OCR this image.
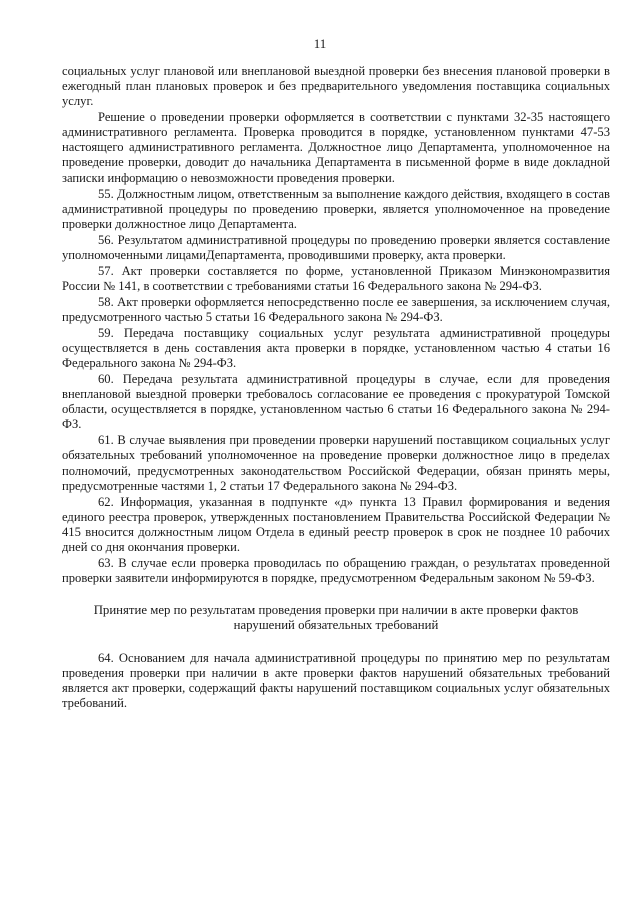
11

социальных услуг плановой или внеплановой выездной проверки без внесения плановой проверки в ежегодный план плановых проверок и без предварительного уведомления поставщика социальных услуг.

Решение о проведении проверки оформляется в соответствии с пунктами 32-35 настоящего административного регламента. Проверка проводится в порядке, установленном пунктами 47-53 настоящего административного регламента. Должностное лицо Департамента, уполномоченное на проведение проверки, доводит до начальника Департамента в письменной форме в виде докладной записки информацию о невозможности проведения проверки.

55. Должностным лицом, ответственным за выполнение каждого действия, входящего в состав административной процедуры по проведению проверки, является уполномоченное на проведение проверки должностное лицо Департамента.

56. Результатом административной процедуры по проведению проверки является составление уполномоченными лицамиДепартамента, проводившими проверку, акта проверки.

57. Акт проверки составляется по форме, установленной Приказом Минэкономразвития России № 141, в соответствии с требованиями статьи 16 Федерального закона № 294-ФЗ.

58. Акт проверки оформляется непосредственно после ее завершения, за исключением случая, предусмотренного частью 5 статьи 16 Федерального закона № 294-ФЗ.

59. Передача поставщику социальных услуг результата административной процедуры осуществляется в день составления акта проверки в порядке, установленном частью 4 статьи 16 Федерального закона № 294-ФЗ.

60. Передача результата административной процедуры в случае, если для проведения внеплановой выездной проверки требовалось согласование ее проведения с прокуратурой Томской области, осуществляется в порядке, установленном частью 6 статьи 16 Федерального закона № 294-ФЗ.

61. В случае выявления при проведении проверки нарушений поставщиком социальных услуг обязательных требований уполномоченное на проведение проверки должностное лицо в пределах полномочий, предусмотренных законодательством Российской Федерации, обязан принять меры, предусмотренные частями 1, 2 статьи 17 Федерального закона № 294-ФЗ.

62. Информация, указанная в подпункте «д» пункта 13 Правил формирования и ведения единого реестра проверок, утвержденных постановлением Правительства Российской Федерации № 415 вносится должностным лицом Отдела в единый реестр проверок в срок не позднее 10 рабочих дней со дня окончания проверки.

63. В случае если проверка проводилась по обращению граждан, о результатах проведенной проверки заявители информируются в порядке, предусмотренном Федеральным законом № 59-ФЗ.

Принятие мер по результатам проведения проверки при наличии в акте проверки фактов нарушений обязательных требований

64. Основанием для начала административной процедуры по принятию мер по результатам проведения проверки при наличии в акте проверки фактов нарушений обязательных требований является акт проверки, содержащий факты нарушений поставщиком социальных услуг обязательных требований.
